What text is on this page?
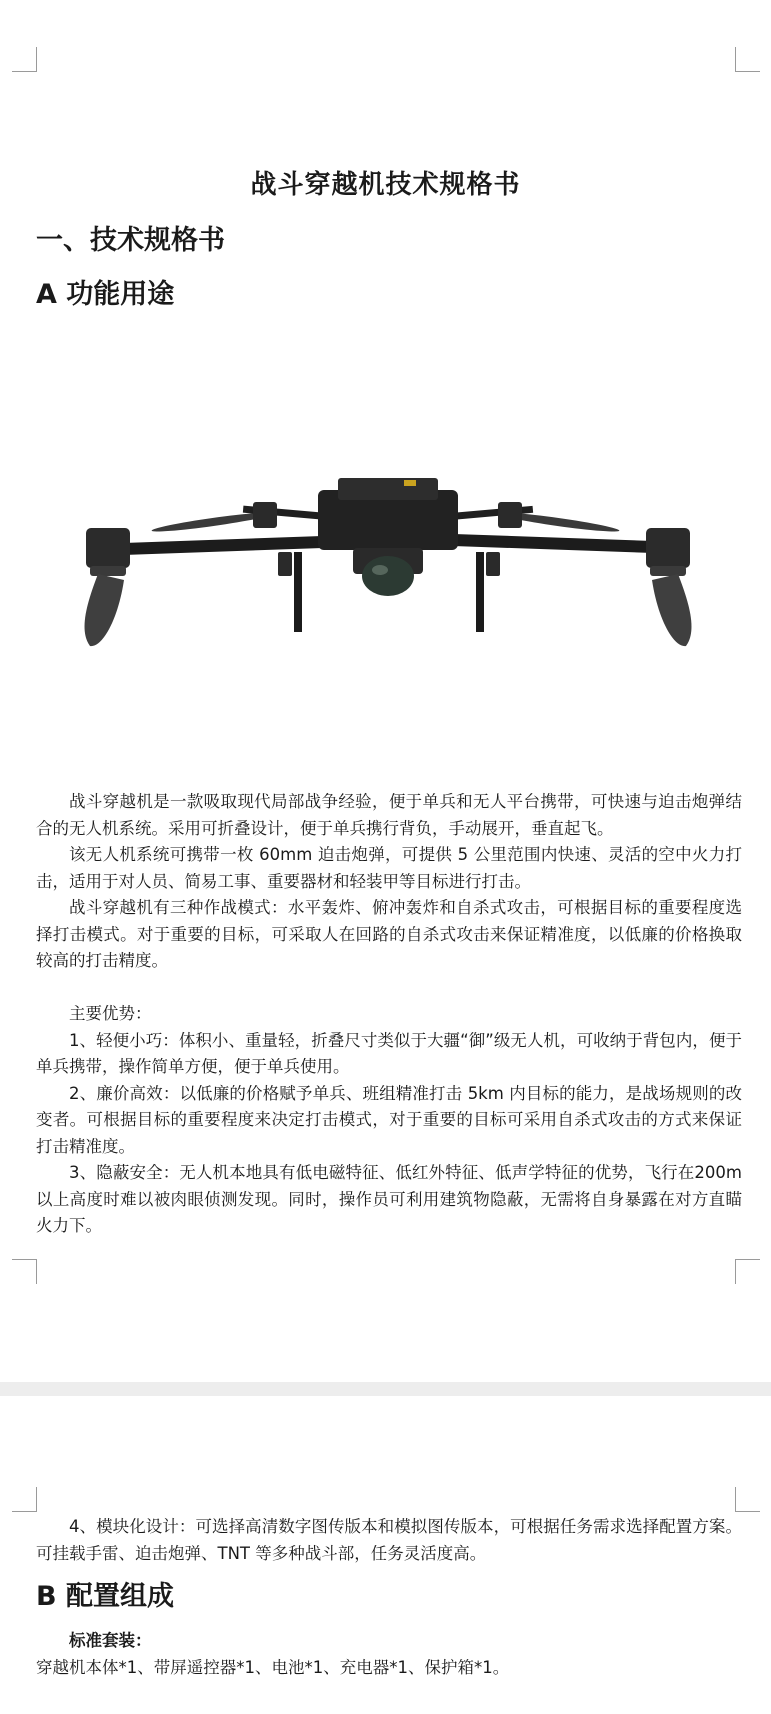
战斗穿越机技术规格书
一、技术规格书
A 功能用途

战斗穿越机是一款吸取现代局部战争经验，便于单兵和无人平台携带，可快速与迫击炮弹结合的无人机系统。采用可折叠设计，便于单兵携行背负，手动展开，垂直起飞。

该无人机系统可携带一枚 60mm 迫击炮弹，可提供 5 公里范围内快速、灵活的空中火力打击，适用于对人员、简易工事、重要器材和轻装甲等目标进行打击。

战斗穿越机有三种作战模式：水平轰炸、俯冲轰炸和自杀式攻击，可根据目标的重要程度选择打击模式。对于重要的目标，可采取人在回路的自杀式攻击来保证精准度，以低廉的价格换取较高的打击精度。

主要优势：

1、轻便小巧：体积小、重量轻，折叠尺寸类似于大疆“御”级无人机，可收纳于背包内，便于单兵携带，操作简单方便，便于单兵使用。

2、廉价高效：以低廉的价格赋予单兵、班组精准打击 5km 内目标的能力，是战场规则的改变者。可根据目标的重要程度来决定打击模式，对于重要的目标可采用自杀式攻击的方式来保证打击精准度。

3、隐蔽安全：无人机本地具有低电磁特征、低红外特征、低声学特征的优势，飞行在200m 以上高度时难以被肉眼侦测发现。同时，操作员可利用建筑物隐蔽，无需将自身暴露在对方直瞄火力下。

4、模块化设计：可选择高清数字图传版本和模拟图传版本，可根据任务需求选择配置方案。可挂载手雷、迫击炮弹、TNT 等多种战斗部，任务灵活度高。

B 配置组成

标准套装：

穿越机本体*1、带屏遥控器*1、电池*1、充电器*1、保护箱*1。
